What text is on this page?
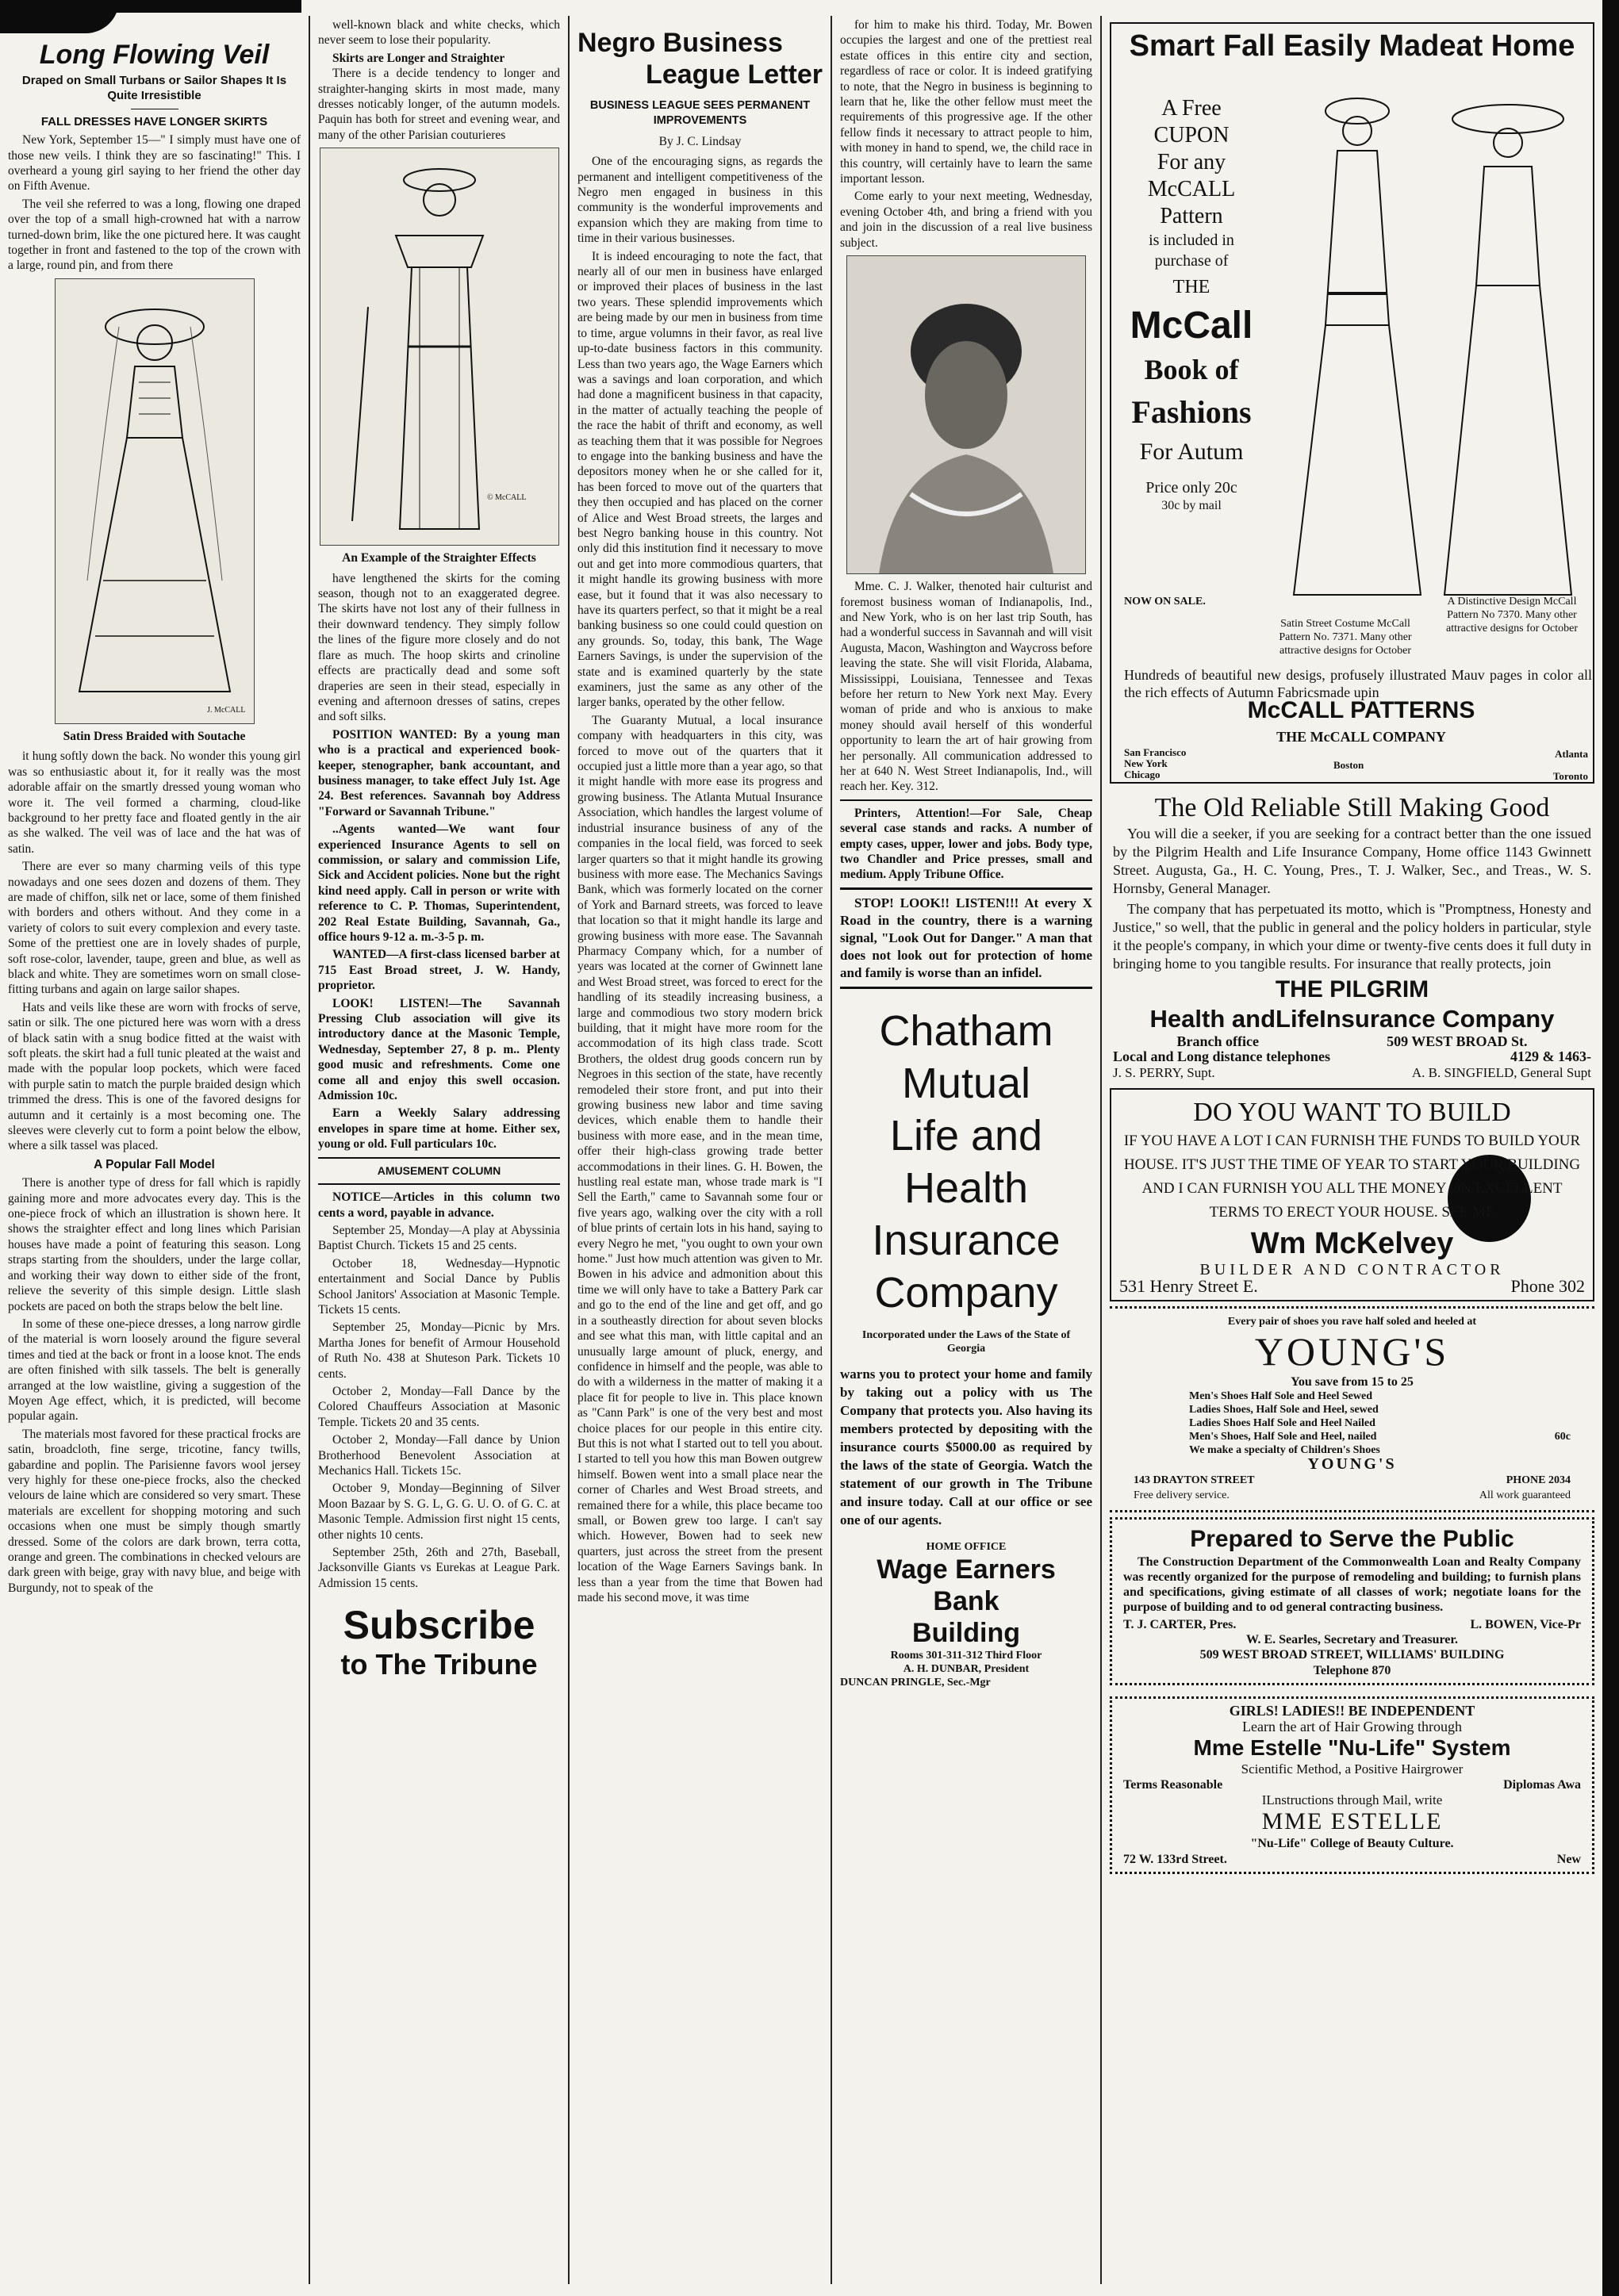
Long Flowing Veil
Draped on Small Turbans or Sailor Shapes It Is Quite Irresistible
FALL DRESSES HAVE LONGER SKIRTS

New York, September 15—" I simply must have one of those new veils. I think they are so fascinating!" This. I overheard a young girl saying to her friend the other day on Fifth Avenue.

The veil she referred to was a long, flowing one draped over the top of a small high-crowned hat with a narrow turned-down brim, like the one pictured here. It was caught together in front and fastened to the top of the crown with a large, round pin, and from there

J. McCALL
Satin Dress Braided with Soutache

it hung softly down the back. No wonder this young girl was so enthusiastic about it, for it really was the most adorable affair on the smartly dressed young woman who wore it. The veil formed a charming, cloud-like background to her pretty face and floated gently in the air as she walked. The veil was of lace and the hat was of satin.

There are ever so many charming veils of this type nowadays and one sees dozen and dozens of them. They are made of chiffon, silk net or lace, some of them finished with borders and others without. And they come in a variety of colors to suit every complexion and every taste. Some of the prettiest one are in lovely shades of purple, soft rose-color, lavender, taupe, green and blue, as well as black and white. They are sometimes worn on small close-fitting turbans and again on large sailor shapes.

Hats and veils like these are worn with frocks of serve, satin or silk. The one pictured here was worn with a dress of black satin with a snug bodice fitted at the waist with soft pleats. the skirt had a full tunic pleated at the waist and made with the popular loop pockets, which were faced with purple satin to match the purple braided design which trimmed the dress. This is one of the favored designs for autumn and it certainly is a most becoming one. The sleeves were cleverly cut to form a point below the elbow, where a silk tassel was placed.

A Popular Fall Model

There is another type of dress for fall which is rapidly gaining more and more advocates every day. This is the one-piece frock of which an illustration is shown here. It shows the straighter effect and long lines which Parisian houses have made a point of featuring this season. Long straps starting from the shoulders, under the large collar, and working their way down to either side of the front, relieve the severity of this simple design. Little slash pockets are paced on both the straps below the belt line.

In some of these one-piece dresses, a long narrow girdle of the material is worn loosely around the figure several times and tied at the back or front in a loose knot. The ends are often finished with silk tassels. The belt is generally arranged at the low waistline, giving a suggestion of the Moyen Age effect, which, it is predicted, will become popular again.

The materials most favored for these practical frocks are satin, broadcloth, fine serge, tricotine, fancy twills, gabardine and poplin. The Parisienne favors wool jersey very highly for these one-piece frocks, also the checked velours de laine which are considered so very smart. These materials are excellent for shopping motoring and such occasions when one must be simply though smartly dressed. Some of the colors are dark brown, terra cotta, orange and green. The combinations in checked velours are dark green with beige, gray with navy blue, and beige with Burgundy, not to speak of the

well-known black and white checks, which never seem to lose their popularity.

Skirts are Longer and Straighter

There is a decide tendency to longer and straighter-hanging skirts in most made, many dresses noticably longer, of the autumn models. Paquin has both for street and evening wear, and many of the other Parisian couturieres

© McCALL
An Example of the Straighter Effects

have lengthened the skirts for the coming season, though not to an exaggerated degree. The skirts have not lost any of their fullness in their downward tendency. They simply follow the lines of the figure more closely and do not flare as much. The hoop skirts and crinoline effects are practically dead and some soft draperies are seen in their stead, especially in evening and afternoon dresses of satins, crepes and soft silks.

POSITION WANTED: By a young man who is a practical and experienced book-keeper, stenographer, bank accountant, and business manager, to take effect July 1st. Age 24. Best references. Savannah boy Address "Forward or Savannah Tribune."

..Agents wanted—We want four experienced Insurance Agents to sell on commission, or salary and commission Life, Sick and Accident policies. None but the right kind need apply. Call in person or write with reference to C. P. Thomas, Superintendent, 202 Real Estate Building, Savannah, Ga., office hours 9-12 a. m.-3-5 p. m.

WANTED—A first-class licensed barber at 715 East Broad street, J. W. Handy, proprietor.

LOOK! LISTEN!—The Savannah Pressing Club association will give its introductory dance at the Masonic Temple, Wednesday, September 27, 8 p. m.. Plenty good music and refreshments. Come one come all and enjoy this swell occasion. Admission 10c.

Earn a Weekly Salary addressing envelopes in spare time at home. Either sex, young or old. Full particulars 10c.

AMUSEMENT COLUMN

NOTICE—Articles in this column two cents a word, payable in advance.

September 25, Monday—A play at Abyssinia Baptist Church. Tickets 15 and 25 cents.

October 18, Wednesday—Hypnotic entertainment and Social Dance by Publis School Janitors' Association at Masonic Temple. Tickets 15 cents.

September 25, Monday—Picnic by Mrs. Martha Jones for benefit of Armour Household of Ruth No. 438 at Shuteson Park. Tickets 10 cents.

October 2, Monday—Fall Dance by the Colored Chauffeurs Association at Masonic Temple. Tickets 20 and 35 cents.

October 2, Monday—Fall dance by Union Brotherhood Benevolent Association at Mechanics Hall. Tickets 15c.

October 9, Monday—Beginning of Silver Moon Bazaar by S. G. L, G. G. U. O. of G. C. at Masonic Temple. Admission first night 15 cents, other nights 10 cents.

September 25th, 26th and 27th, Baseball, Jacksonville Giants vs Eurekas at League Park. Admission 15 cents.

Subscribe
to The Tribune
Negro Business
League Letter
BUSINESS LEAGUE SEES PERMANENT IMPROVEMENTS
By J. C. Lindsay

One of the encouraging signs, as regards the permanent and intelligent competitiveness of the Negro men engaged in business in this community is the wonderful improvements and expansion which they are making from time to time in their various businesses.

It is indeed encouraging to note the fact, that nearly all of our men in business have enlarged or improved their places of business in the last two years. These splendid improvements which are being made by our men in business from time to time, argue volumns in their favor, as real live up-to-date business factors in this community. Less than two years ago, the Wage Earners which was a savings and loan corporation, and which had done a magnificent business in that capacity, in the matter of actually teaching the people of the race the habit of thrift and economy, as well as teaching them that it was possible for Negroes to engage into the banking business and have the depositors money when he or she called for it, has been forced to move out of the quarters that they then occupied and has placed on the corner of Alice and West Broad streets, the larges and best Negro banking house in this country. Not only did this institution find it necessary to move out and get into more commodious quarters, that it might handle its growing business with more ease, but it found that it was also necessary to have its quarters perfect, so that it might be a real banking business so one could could question on any grounds. So, today, this bank, The Wage Earners Savings, is under the supervision of the state and is examined quarterly by the state examiners, just the same as any other of the larger banks, operated by the other fellow.

The Guaranty Mutual, a local insurance company with headquarters in this city, was forced to move out of the quarters that it occupied just a little more than a year ago, so that it might handle with more ease its progress and growing business. The Atlanta Mutual Insurance Association, which handles the largest volume of industrial insurance business of any of the companies in the local field, was forced to seek larger quarters so that it might handle its growing business with more ease. The Mechanics Savings Bank, which was formerly located on the corner of York and Barnard streets, was forced to leave that location so that it might handle its large and growing business with more ease. The Savannah Pharmacy Company which, for a number of years was located at the corner of Gwinnett lane and West Broad street, was forced to erect for the handling of its steadily increasing business, a large and commodious two story modern brick building, that it might have more room for the accommodation of its high class trade. Scott Brothers, the oldest drug goods concern run by Negroes in this section of the state, have recently remodeled their store front, and put into their growing business new labor and time saving devices, which enable them to handle their business with more ease, and in the mean time, offer their high-class growing trade better accommodations in their lines. G. H. Bowen, the hustling real estate man, whose trade mark is "I Sell the Earth," came to Savannah some four or five years ago, walking over the city with a roll of blue prints of certain lots in his hand, saying to every Negro he met, "you ought to own your own home." Just how much attention was given to Mr. Bowen in his advice and admonition about this time we will only have to take a Battery Park car and go to the end of the line and get off, and go in a southeastly direction for about seven blocks and see what this man, with little capital and an unusually large amount of pluck, energy, and confidence in himself and the people, was able to do with a wilderness in the matter of making it a place fit for people to live in. This place known as "Cann Park" is one of the very best and most choice places for our people in this entire city. But this is not what I started out to tell you about. I started to tell you how this man Bowen outgrew himself. Bowen went into a small place near the corner of Charles and West Broad streets, and remained there for a while, this place became too small, or Bowen grew too large. I can't say which. However, Bowen had to seek new quarters, just across the street from the present location of the Wage Earners Savings bank. In less than a year from the time that Bowen had made his second move, it was time

for him to make his third. Today, Mr. Bowen occupies the largest and one of the prettiest real estate offices in this entire city and section, regardless of race or color. It is indeed gratifying to note, that the Negro in business is beginning to learn that he, like the other fellow must meet the requirements of this progressive age. If the other fellow finds it necessary to attract people to him, with money in hand to spend, we, the child race in this country, will certainly have to learn the same important lesson.

Come early to your next meeting, Wednesday, evening October 4th, and bring a friend with you and join in the discussion of a real live business subject.

Mme. C. J. Walker, thenoted hair culturist and foremost business woman of Indianapolis, Ind., and New York, who is on her last trip South, has had a wonderful success in Savannah and will visit Augusta, Macon, Washington and Waycross before leaving the state. She will visit Florida, Alabama, Mississippi, Louisiana, Tennessee and Texas before her return to New York next May. Every woman of pride and who is anxious to make money should avail herself of this wonderful opportunity to learn the art of hair growing from her personally. All communication addressed to her at 640 N. West Street Indianapolis, Ind., will reach her. Key. 312.

Printers, Attention!—For Sale, Cheap several case stands and racks. A number of empty cases, upper, lower and jobs. Body type, two Chandler and Price presses, small and medium. Apply Tribune Office.

STOP! LOOK!! LISTEN!!! At every X Road in the country, there is a warning signal, "Look Out for Danger." A man that does not look out for protection of home and family is worse than an infidel.

Chatham
Mutual
Life and
Health
Insurance
Company
Incorporated under the Laws of the State of Georgia

warns you to protect your home and family by taking out a policy with us The Company that protects you. Also having its members protected by depositing with the insurance courts $5000.00 as required by the laws of the state of Georgia. Watch the statement of our growth in The Tribune and insure today. Call at our office or see one of our agents.

HOME OFFICE
Wage Earners Bank
Building
Rooms 301-311-312 Third Floor
A. H. DUNBAR, President
DUNCAN PRINGLE, Sec.-Mgr
Smart Fall Easily Madeat Home
A Free
CUPON
For any
McCALL
Pattern
is included in
purchase of
THE
McCall
Book of
Fashions
For Autum
Price only 20c
30c by mail
NOW ON SALE.
Satin Street Costume McCall Pattern No. 7371. Many other attractive designs for October
A Distinctive Design McCall Pattern No 7370. Many other attractive designs for October
Hundreds of beautiful new desigs, profusely illustrated Mauv pages in color all the rich effects of Autumn Fabricsmade upin
McCALL PATTERNS
THE McCALL COMPANY
San Francisco
New York
Chicago
Boston
Atlanta
Toronto
The Old Reliable Still Making Good

You will die a seeker, if you are seeking for a contract better than the one issued by the Pilgrim Health and Life Insurance Company, Home office 1143 Gwinnett Street. Augusta, Ga., H. C. Young, Pres., T. J. Walker, Sec., and Treas., W. S. Hornsby, General Manager.

The company that has perpetuated its motto, which is "Promptness, Honesty and Justice," so well, that the public in general and the policy holders in particular, style it the people's company, in which your dime or twenty-five cents does it full duty in bringing home to you tangible results. For insurance that really protects, join

THE PILGRIM
Health andLifeInsurance Company
Branch office	509 WEST BROAD St.
Local and Long distance telephones	4129 & 1463-
J. S. PERRY, Supt.	A. B. SINGFIELD, General Supt
DO YOU WANT TO BUILD
IF YOU HAVE A LOT I CAN FURNISH THE FUNDS TO BUILD YOUR HOUSE. IT'S JUST THE TIME OF YEAR TO START YOUR BUILDING AND I CAN FURNISH YOU ALL THE MONEY ON EXCELLENT TERMS TO ERECT YOUR HOUSE. SEE ME
Wm McKelvey
BUILDER AND CONTRACTOR
531 Henry Street E.	Phone 302
Every pair of shoes you rave half soled and heeled at
YOUNG'S
You save from 15 to 25
Men's Shoes Half Sole and Heel Sewed
Ladies Shoes, Half Sole and Heel, sewed
Ladies Shoes Half Sole and Heel Nailed
Men's Shoes, Half Sole and Heel, nailed	60c
We make a specialty of Children's Shoes
YOUNG'S
143 DRAYTON STREET	PHONE 2034
Free delivery service.	All work guaranteed
Prepared to Serve the Public

The Construction Department of the Commonwealth Loan and Realty Company was recently organized for the purpose of remodeling and building; to furnish plans and specifications, giving estimate of all classes of work; negotiate loans for the purpose of building and to od general contracting business.

T. J. CARTER, Pres.	L. BOWEN, Vice-Pr
W. E. Searles, Secretary and Treasurer.
509 WEST BROAD STREET, WILLIAMS' BUILDING
Telephone 870
GIRLS! LADIES!! BE INDEPENDENT
Learn the art of Hair Growing through
Mme Estelle "Nu-Life" System
Scientific Method, a Positive Hairgrower
Terms Reasonable	Diplomas Awa
ILnstructions through Mail, write
MME ESTELLE
"Nu-Life" College of Beauty Culture.
72 W. 133rd Street.	New
